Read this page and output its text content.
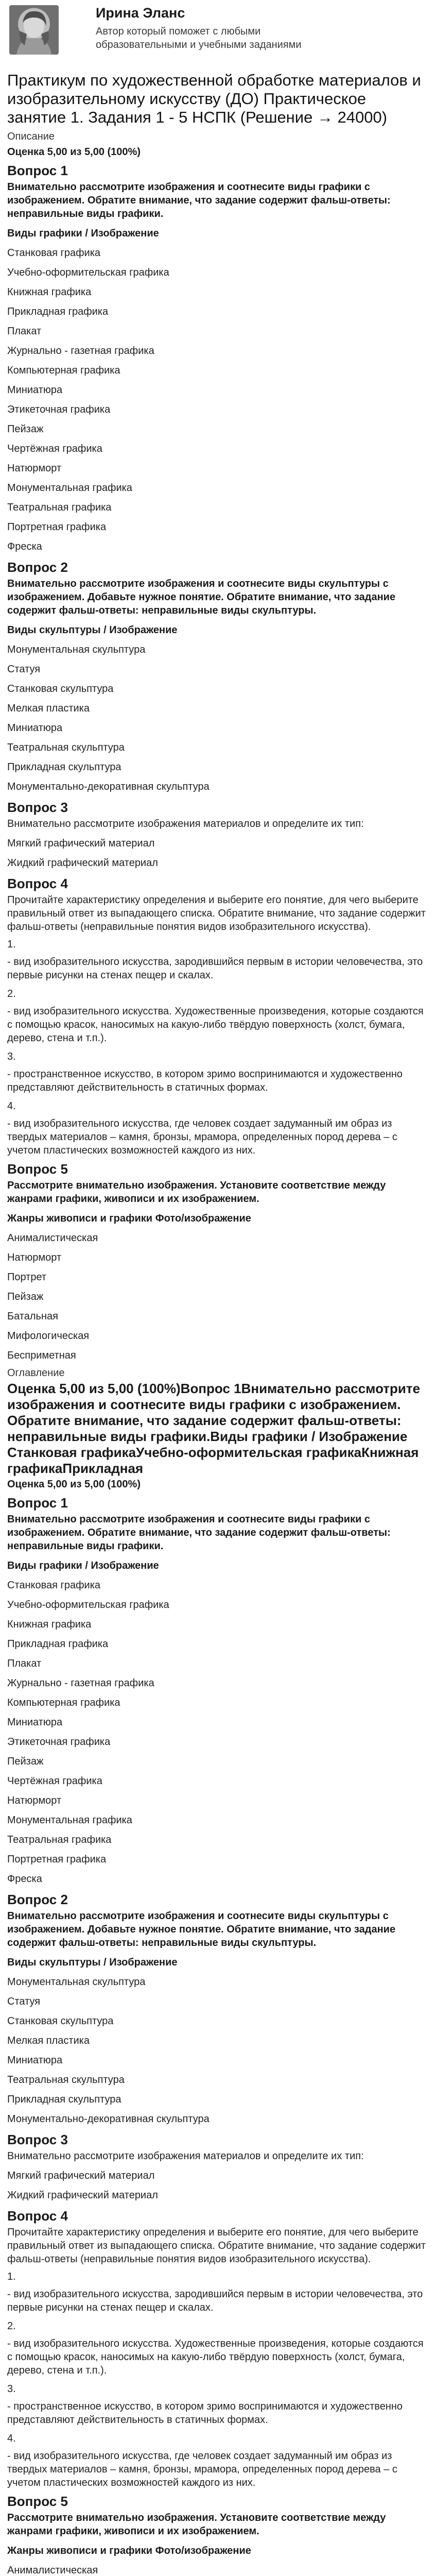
Ирина Эланс
Автор который поможет с любыми образовательными и учебными заданиями
Практикум по художественной обработке материалов и изобразительному искусству (ДО) Практическое занятие 1. Задания 1 - 5 НСПК (Решение → 24000)
Описание
Оценка 5,00 из 5,00 (100%)
Вопрос 1
Внимательно рассмотрите изображения и соотнесите виды графики с изображением. Обратите внимание, что задание содержит фальш-ответы: неправильные виды графики.
Виды графики / Изображение
Станковая графика
Учебно-оформительская графика
Книжная графика
Прикладная графика
Плакат
Журнально - газетная графика
Компьютерная графика
Миниатюра
Этикеточная графика
Пейзаж
Чертёжная графика
Натюрморт
Монументальная графика
Театральная графика
Портретная графика
Фреска
Вопрос 2
Внимательно рассмотрите изображения и соотнесите виды скульптуры с изображением. Добавьте нужное понятие. Обратите внимание, что задание содержит фальш-ответы: неправильные виды скульптуры.
Виды скульптуры / Изображение
Монументальная скульптура
Статуя
Станковая скульптура
Мелкая пластика
Миниатюра
Театральная скульптура
Прикладная скульптура
Монументально-декоративная скульптура
Вопрос 3
Внимательно рассмотрите изображения материалов и определите их тип:
Мягкий графический материал
Жидкий графический материал
Вопрос 4
Прочитайте характеристику определения и выберите его понятие, для чего выберите правильный ответ из выпадающего списка. Обратите внимание, что задание содержит фальш-ответы (неправильные понятия видов изобразительного искусства).
1.
- вид изобразительного искусства, зародившийся первым в истории человечества, это первые рисунки на стенах пещер и скалах.
2.
- вид изобразительного искусства. Художественные произведения, которые создаются с помощью красок, наносимых на какую-либо твёрдую поверхность (холст, бумага, дерево, стена и т.п.).
3.
- пространственное искусство, в котором зримо воспринимаются и художественно представляют действительность в статичных формах.
4.
- вид изобразительного искусства, где человек создает задуманный им образ из твердых материалов – камня, бронзы, мрамора, определенных пород дерева – с учетом пластических возможностей каждого из них.
Вопрос 5
Рассмотрите внимательно изображения. Установите соответствие между жанрами графики, живописи и их изображением.
Жанры живописи и графики Фото/изображение
Анималистическая
Натюрморт
Портрет
Пейзаж
Батальная
Мифологическая
Бесприметная
Оглавление
Оценка 5,00 из 5,00 (100%)Вопрос 1Внимательно рассмотрите изображения и соотнесите виды графики с изображением. Обратите внимание, что задание содержит фальш-ответы: неправильные виды графики.Виды графики / Изображение Станковая графикаУчебно-оформительская графикаКнижная графикаПрикладная
Оценка 5,00 из 5,00 (100%)
Вопрос 1
Внимательно рассмотрите изображения и соотнесите виды графики с изображением. Обратите внимание, что задание содержит фальш-ответы: неправильные виды графики.
Виды графики / Изображение
Станковая графика
Учебно-оформительская графика
Книжная графика
Прикладная графика
Плакат
Журнально - газетная графика
Компьютерная графика
Миниатюра
Этикеточная графика
Пейзаж
Чертёжная графика
Натюрморт
Монументальная графика
Театральная графика
Портретная графика
Фреска
Вопрос 2
Внимательно рассмотрите изображения и соотнесите виды скульптуры с изображением. Добавьте нужное понятие. Обратите внимание, что задание содержит фальш-ответы: неправильные виды скульптуры.
Виды скульптуры / Изображение
Монументальная скульптура
Статуя
Станковая скульптура
Мелкая пластика
Миниатюра
Театральная скульптура
Прикладная скульптура
Монументально-декоративная скульптура
Вопрос 3
Внимательно рассмотрите изображения материалов и определите их тип:
Мягкий графический материал
Жидкий графический материал
Вопрос 4
Прочитайте характеристику определения и выберите его понятие, для чего выберите правильный ответ из выпадающего списка. Обратите внимание, что задание содержит фальш-ответы (неправильные понятия видов изобразительного искусства).
1.
- вид изобразительного искусства, зародившийся первым в истории человечества, это первые рисунки на стенах пещер и скалах.
2.
- вид изобразительного искусства. Художественные произведения, которые создаются с помощью красок, наносимых на какую-либо твёрдую поверхность (холст, бумага, дерево, стена и т.п.).
3.
- пространственное искусство, в котором зримо воспринимаются и художественно представляют действительность в статичных формах.
4.
- вид изобразительного искусства, где человек создает задуманный им образ из твердых материалов – камня, бронзы, мрамора, определенных пород дерева – с учетом пластических возможностей каждого из них.
Вопрос 5
Рассмотрите внимательно изображения. Установите соответствие между жанрами графики, живописи и их изображением.
Жанры живописи и графики Фото/изображение
Анималистическая
